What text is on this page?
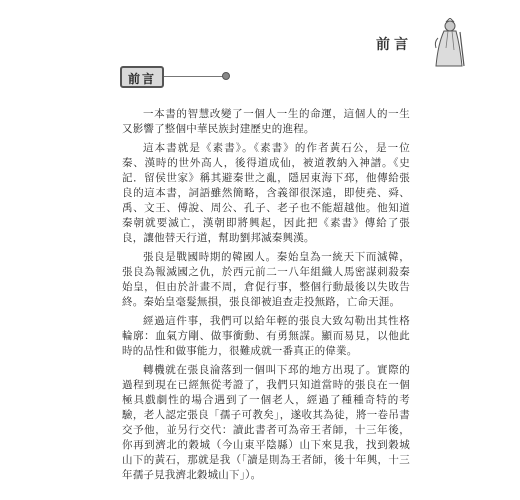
前言
前言

一本書的智慧改變了一個人一生的命運，這個人的一生又影響了整個中華民族封建歷史的進程。

這本書就是《素書》。《素書》的作者黃石公，是一位秦、漢時的世外高人，後得道成仙，被道教納入神譜。《史記．留侯世家》稱其避秦世之亂，隱居東海下邳，他傳給張良的這本書，詞語雖然簡略，含義卻很深遠，即使堯、舜、禹、文王、傅說、周公、孔子、老子也不能超越他。他知道秦朝就要滅亡，漢朝即將興起，因此把《素書》傳給了張良，讓他替天行道，幫助劉邦滅秦興漢。

張良是戰國時期的韓國人。秦始皇為一統天下而滅韓，張良為報滅國之仇，於西元前二一八年組織人馬密謀刺殺秦始皇，但由於計畫不周，倉促行事，整個行動最後以失敗告終。秦始皇毫髮無損，張良卻被追查走投無路，亡命天涯。

經過這件事，我們可以給年輕的張良大致勾勒出其性格輪廓：血氣方剛、做事衝動、有勇無謀。顯而易見，以他此時的品性和做事能力，很難成就一番真正的偉業。

轉機就在張良淪落到一個叫下邳的地方出現了。實際的過程到現在已經無從考證了，我們只知道當時的張良在一個極具戲劇性的場合遇到了一個老人，經過了種種奇特的考驗，老人認定張良「孺子可教矣」，遂收其為徒，將一卷吊書交予他，並另行交代：讀此書者可為帝王者師，十三年後，你再到濟北的穀城（今山東平陰縣）山下來見我，找到穀城山下的黃石，那就是我（「讀是則為王者師，後十年興，十三年孺子見我濟北穀城山下」）。
